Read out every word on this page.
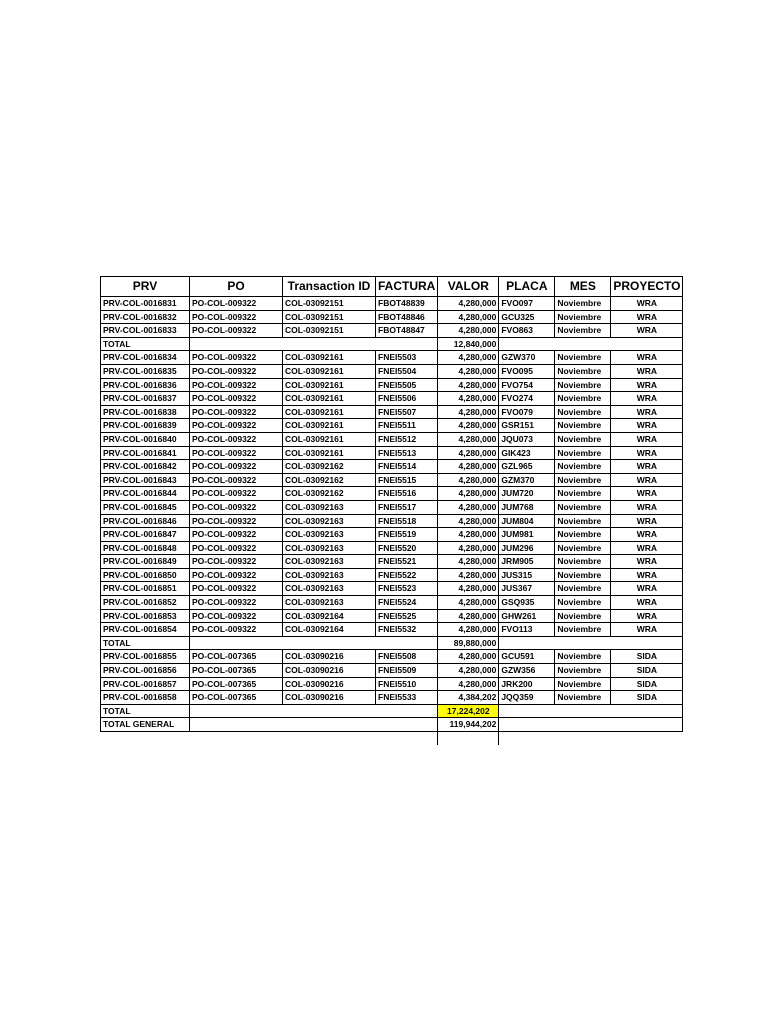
PRV	PO	Transaction ID	FACTURA	VALOR	PLACA	MES	PROYECTO
PRV-COL-0016831	PO-COL-009322	COL-03092151	FBOT48839	4,280,000	FVO097	Noviembre	WRA
PRV-COL-0016832	PO-COL-009322	COL-03092151	FBOT48846	4,280,000	GCU325	Noviembre	WRA
PRV-COL-0016833	PO-COL-009322	COL-03092151	FBOT48847	4,280,000	FVO863	Noviembre	WRA
TOTAL				12,840,000			
PRV-COL-0016834	PO-COL-009322	COL-03092161	FNEI5503	4,280,000	GZW370	Noviembre	WRA
PRV-COL-0016835	PO-COL-009322	COL-03092161	FNEI5504	4,280,000	FVO095	Noviembre	WRA
PRV-COL-0016836	PO-COL-009322	COL-03092161	FNEI5505	4,280,000	FVO754	Noviembre	WRA
PRV-COL-0016837	PO-COL-009322	COL-03092161	FNEI5506	4,280,000	FVO274	Noviembre	WRA
PRV-COL-0016838	PO-COL-009322	COL-03092161	FNEI5507	4,280,000	FVO079	Noviembre	WRA
PRV-COL-0016839	PO-COL-009322	COL-03092161	FNEI5511	4,280,000	GSR151	Noviembre	WRA
PRV-COL-0016840	PO-COL-009322	COL-03092161	FNEI5512	4,280,000	JQU073	Noviembre	WRA
PRV-COL-0016841	PO-COL-009322	COL-03092161	FNEI5513	4,280,000	GIK423	Noviembre	WRA
PRV-COL-0016842	PO-COL-009322	COL-03092162	FNEI5514	4,280,000	GZL965	Noviembre	WRA
PRV-COL-0016843	PO-COL-009322	COL-03092162	FNEI5515	4,280,000	GZM370	Noviembre	WRA
PRV-COL-0016844	PO-COL-009322	COL-03092162	FNEI5516	4,280,000	JUM720	Noviembre	WRA
PRV-COL-0016845	PO-COL-009322	COL-03092163	FNEI5517	4,280,000	JUM768	Noviembre	WRA
PRV-COL-0016846	PO-COL-009322	COL-03092163	FNEI5518	4,280,000	JUM804	Noviembre	WRA
PRV-COL-0016847	PO-COL-009322	COL-03092163	FNEI5519	4,280,000	JUM981	Noviembre	WRA
PRV-COL-0016848	PO-COL-009322	COL-03092163	FNEI5520	4,280,000	JUM296	Noviembre	WRA
PRV-COL-0016849	PO-COL-009322	COL-03092163	FNEI5521	4,280,000	JRM905	Noviembre	WRA
PRV-COL-0016850	PO-COL-009322	COL-03092163	FNEI5522	4,280,000	JUS315	Noviembre	WRA
PRV-COL-0016851	PO-COL-009322	COL-03092163	FNEI5523	4,280,000	JUS367	Noviembre	WRA
PRV-COL-0016852	PO-COL-009322	COL-03092163	FNEI5524	4,280,000	GSQ935	Noviembre	WRA
PRV-COL-0016853	PO-COL-009322	COL-03092164	FNEI5525	4,280,000	GHW261	Noviembre	WRA
PRV-COL-0016854	PO-COL-009322	COL-03092164	FNEI5532	4,280,000	FVO113	Noviembre	WRA
TOTAL				89,880,000			
PRV-COL-0016855	PO-COL-007365	COL-03090216	FNEI5508	4,280,000	GCU591	Noviembre	SIDA
PRV-COL-0016856	PO-COL-007365	COL-03090216	FNEI5509	4,280,000	GZW356	Noviembre	SIDA
PRV-COL-0016857	PO-COL-007365	COL-03090216	FNEI5510	4,280,000	JRK200	Noviembre	SIDA
PRV-COL-0016858	PO-COL-007365	COL-03090216	FNEI5533	4,384,202	JQQ359	Noviembre	SIDA
TOTAL				17,224,202			
TOTAL GENERAL				119,944,202			
